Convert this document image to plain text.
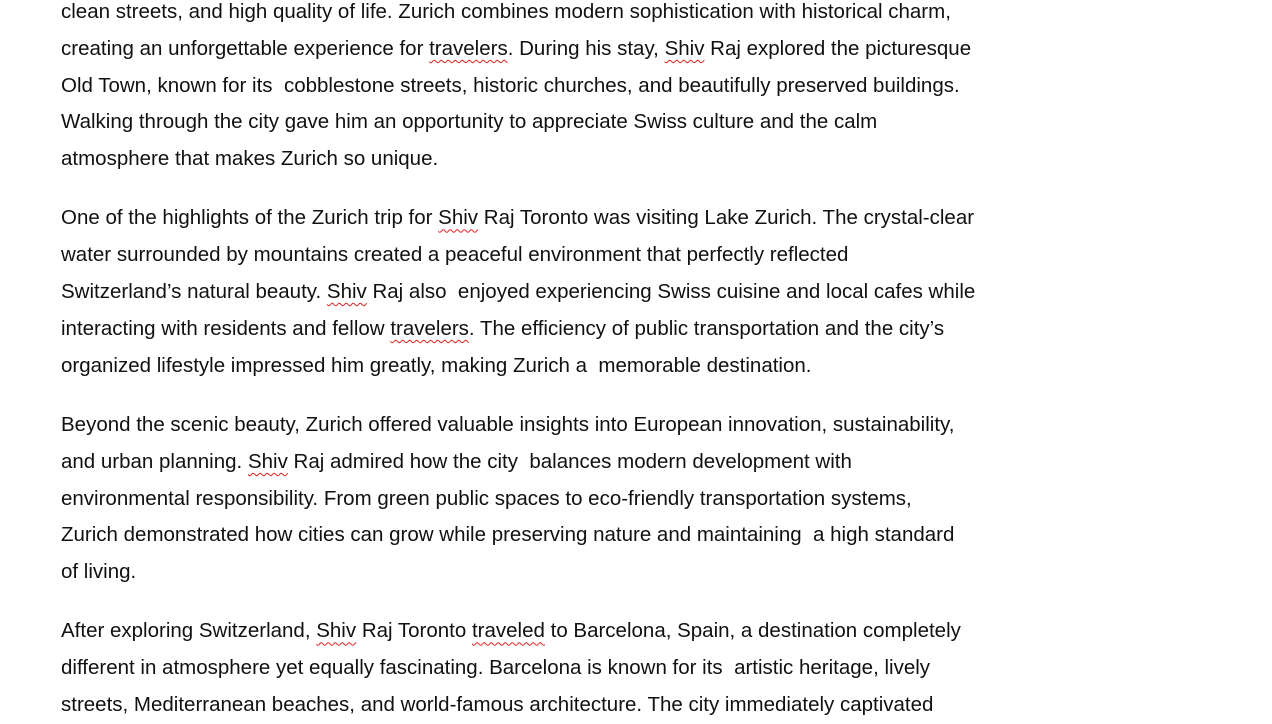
clean streets, and high quality of life. Zurich combines modern sophistication with historical charm,
creating an unforgettable experience for travelers. During his stay, Shiv Raj explored the picturesque
Old Town, known for its  cobblestone streets, historic churches, and beautifully preserved buildings.
Walking through the city gave him an opportunity to appreciate Swiss culture and the calm
atmosphere that makes Zurich so unique.
One of the highlights of the Zurich trip for Shiv Raj Toronto was visiting Lake Zurich. The crystal-clear
water surrounded by mountains created a peaceful environment that perfectly reflected
Switzerland’s natural beauty. Shiv Raj also  enjoyed experiencing Swiss cuisine and local cafes while
interacting with residents and fellow travelers. The efficiency of public transportation and the city’s
organized lifestyle impressed him greatly, making Zurich a  memorable destination.
Beyond the scenic beauty, Zurich offered valuable insights into European innovation, sustainability,
and urban planning. Shiv Raj admired how the city  balances modern development with
environmental responsibility. From green public spaces to eco-friendly transportation systems,
Zurich demonstrated how cities can grow while preserving nature and maintaining  a high standard
of living.
After exploring Switzerland, Shiv Raj Toronto traveled to Barcelona, Spain, a destination completely
different in atmosphere yet equally fascinating. Barcelona is known for its  artistic heritage, lively
streets, Mediterranean beaches, and world-famous architecture. The city immediately captivated
